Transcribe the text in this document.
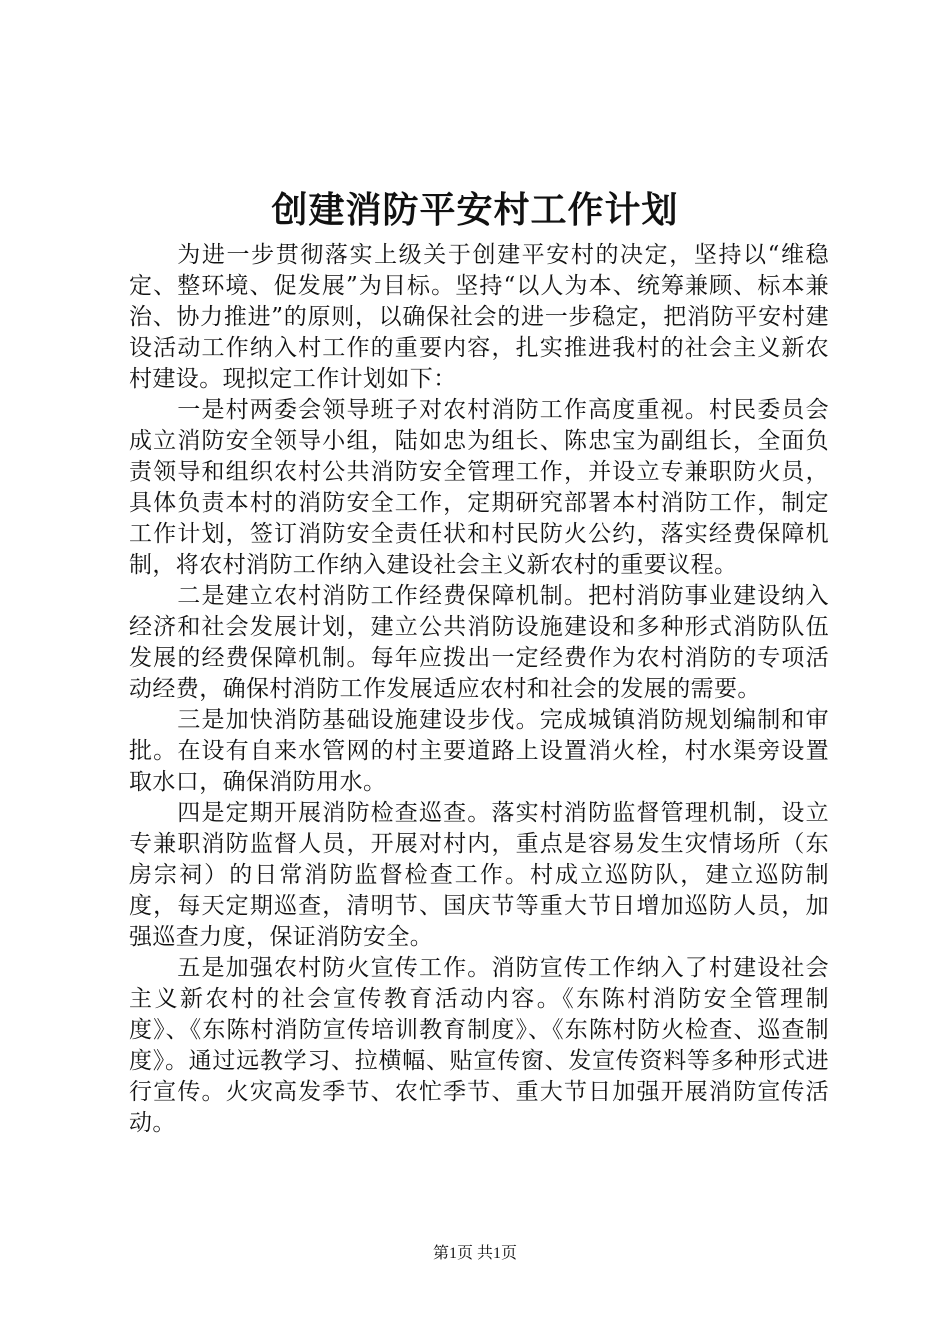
创建消防平安村工作计划

为进一步贯彻落实上级关于创建平安村的决定，坚持以“维稳定、整环境、促发展”为目标。坚持“以人为本、统筹兼顾、标本兼治、协力推进”的原则，以确保社会的进一步稳定，把消防平安村建设活动工作纳入村工作的重要内容，扎实推进我村的社会主义新农村建设。现拟定工作计划如下：

一是村两委会领导班子对农村消防工作高度重视。村民委员会成立消防安全领导小组，陆如忠为组长、陈忠宝为副组长，全面负责领导和组织农村公共消防安全管理工作，并设立专兼职防火员，具体负责本村的消防安全工作，定期研究部署本村消防工作，制定工作计划，签订消防安全责任状和村民防火公约，落实经费保障机制，将农村消防工作纳入建设社会主义新农村的重要议程。

二是建立农村消防工作经费保障机制。把村消防事业建设纳入经济和社会发展计划，建立公共消防设施建设和多种形式消防队伍发展的经费保障机制。每年应拨出一定经费作为农村消防的专项活动经费，确保村消防工作发展适应农村和社会的发展的需要。

三是加快消防基础设施建设步伐。完成城镇消防规划编制和审批。在设有自来水管网的村主要道路上设置消火栓，村水渠旁设置取水口，确保消防用水。

四是定期开展消防检查巡查。落实村消防监督管理机制，设立专兼职消防监督人员，开展对村内，重点是容易发生灾情场所（东房宗祠）的日常消防监督检查工作。村成立巡防队，建立巡防制度，每天定期巡查，清明节、国庆节等重大节日增加巡防人员，加强巡查力度，保证消防安全。

五是加强农村防火宣传工作。消防宣传工作纳入了村建设社会主义新农村的社会宣传教育活动内容。《东陈村消防安全管理制度》、《东陈村消防宣传培训教育制度》、《东陈村防火检查、巡查制度》。通过远教学习、拉横幅、贴宣传窗、发宣传资料等多种形式进行宣传。火灾高发季节、农忙季节、重大节日加强开展消防宣传活动。

第1页 共1页
